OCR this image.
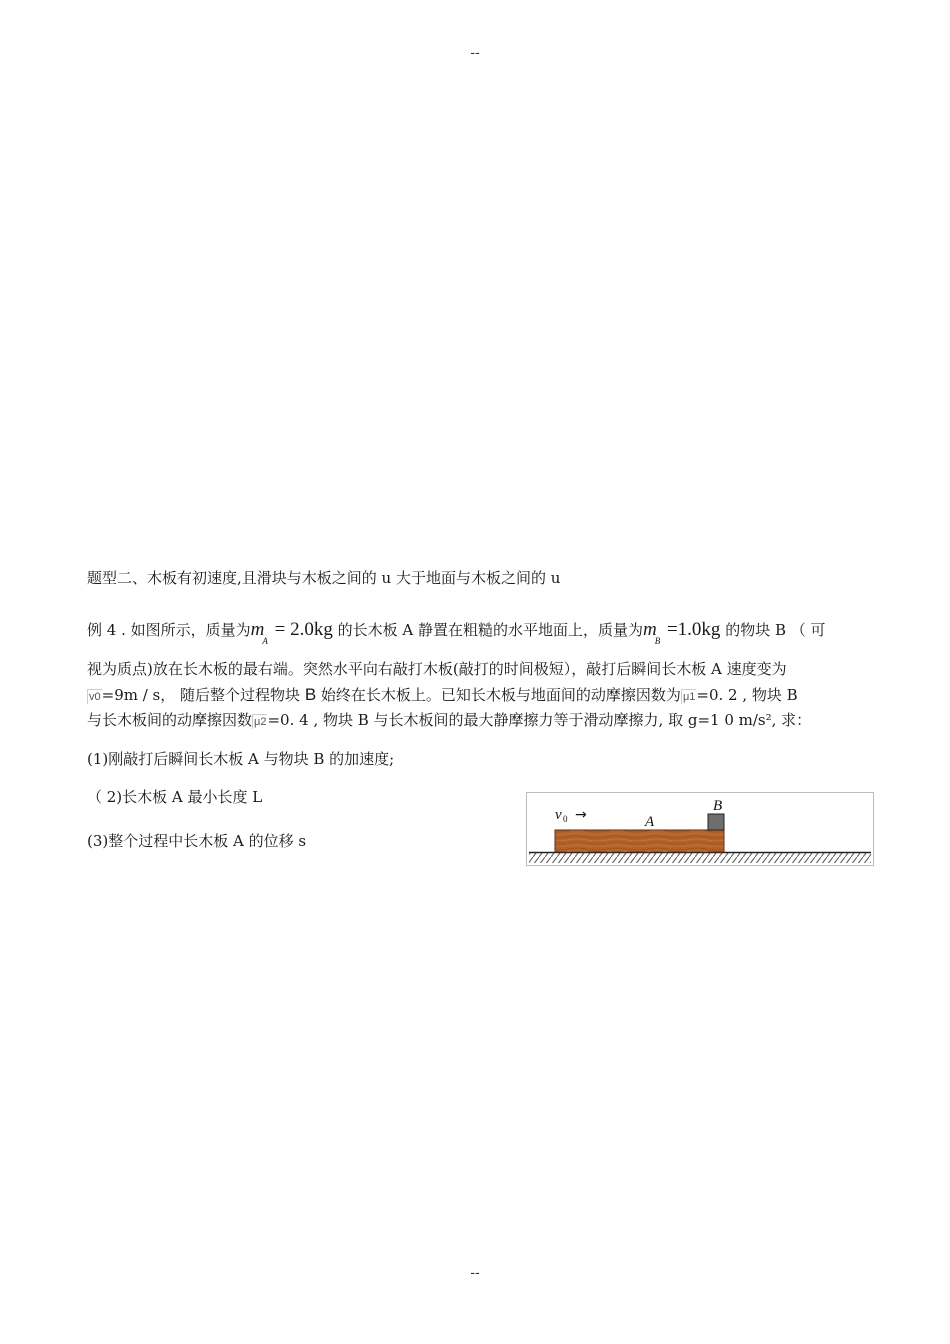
--
题型二、木板有初速度,且滑块与木板之间的 u 大于地面与木板之间的 u
例 4 . 如图所示，质量为$m_A = 2.0kg$ 的长木板 A 静置在粗糙的水平地面上，质量为$m_B =1.0kg$ 的物块 B （ 可
视为质点)放在长木板的最右端。突然水平向右敲打木板(敲打的时间极短），敲打后瞬间长木板 A 速度变为
v0=9m / s， 随后整个过程物块 B 始终在长木板上。已知长木板与地面间的动摩擦因数为 μ1=0. 2 , 物块 B
与长木板间的动摩擦因数 μ2=0. 4 , 物块 B 与长木板间的最大静摩擦力等于滑动摩擦力, 取 g=1 0 m/s², 求：
(1)刚敲打后瞬间长木板 A 与物块 B 的加速度;
（ 2)长木板 A 最小长度 L
(3)整个过程中长木板 A 的位移 s
v 0 →	A
B
--
